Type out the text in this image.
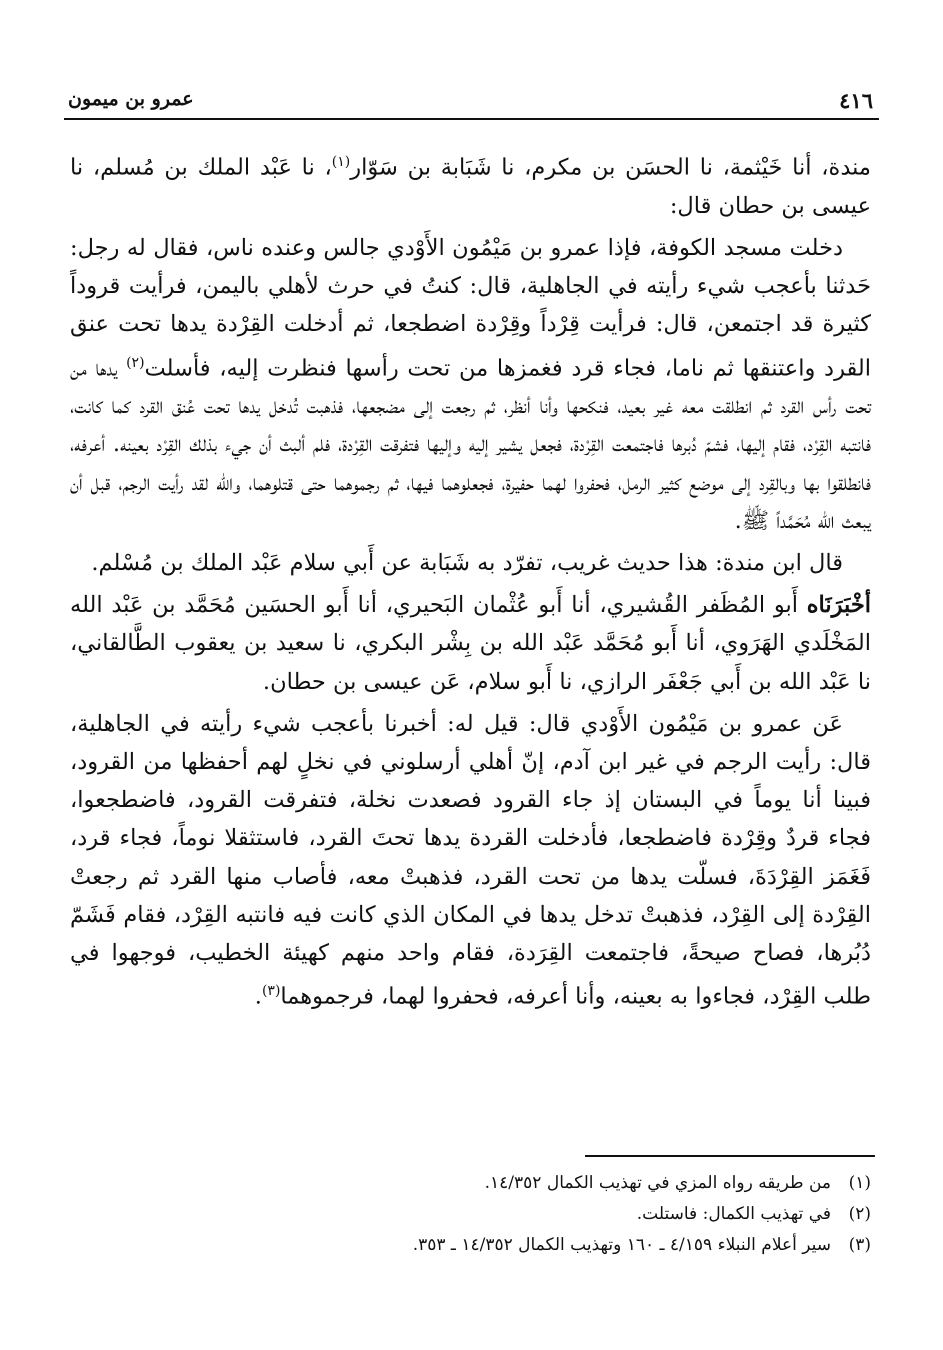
٤١٦
عمرو بن ميمون

مندة، أنا خَيْثمة، نا الحسَن بن مكرم، نا شَبَابة بن سَوّار$^{(١)}$، نا عَبْد الملك بن مُسلم، نا عيسى بن حطان قال:

دخلت مسجد الكوفة، فإذا عمرو بن مَيْمُون الأَوْدي جالس وعنده ناس، فقال له رجل: حَدثنا بأعجب شيء رأيته في الجاهلية، قال: كنتُ في حرث لأهلي باليمن، فرأيت قروداً كثيرة قد اجتمعن، قال: فرأيت قِرْداً وقِرْدة اضطجعا، ثم أدخلت القِرْدة يدها تحت عنق القرد واعتنقها ثم ناما، فجاء قرد فغمزها من تحت رأسها فنظرت إليه، فأسلت$^{(٢)}$ يدها من تحت رأس القرد ثم انطلقت معه غير بعيد، فنكحها وأنا أنظر، ثم رجعت إلى مضجعها، فذهبت تُدخل يدها تحت عُنق القرد كما كانت، فانتبه القِرْد، فقام إليها، فشمّ دُبرها فاجتمعت القِرْدة، فجعل يشير إليه وإليها فتفرقت القِرْدة، فلم ألبث أن جيء بذلك القِرْد بعينه. أعرفه، فانطلقوا بها وبالقِرد إلى موضع كثير الرمل، فحفروا لهما حفيرة، فجعلوهما فيها، ثم رجموهما حتى قتلوهما، والله لقد رأيت الرجم، قبل أن يبعث الله مُحَمَّداً ﷺ.

قال ابن مندة: هذا حديث غريب، تفرّد به شَبَابة عن أَبي سلام عَبْد الملك بن مُسْلم.

أخْبَرَنَاه أَبو المُظَفر القُشيري، أنا أَبو عُثْمان البَحيري، أنا أَبو الحسَين مُحَمَّد بن عَبْد الله المَخْلَدي الهَرَوي، أنا أَبو مُحَمَّد عَبْد الله بن بِشْر البكري، نا سعيد بن يعقوب الطَّالقاني، نا عَبْد الله بن أَبي جَعْفَر الرازي، نا أَبو سلام، عَن عيسى بن حطان.

عَن عمرو بن مَيْمُون الأَوْدي قال: قيل له: أخبرنا بأعجب شيء رأيته في الجاهلية، قال: رأيت الرجم في غير ابن آدم، إنّ أهلي أرسلوني في نخلٍ لهم أحفظها من القرود، فبينا أنا يوماً في البستان إذ جاء القرود فصعدت نخلة، فتفرقت القرود، فاضطجعوا، فجاء قردٌ وقِرْدة فاضطجعا، فأدخلت القردة يدها تحتَ القرد، فاستثقلا نوماً، فجاء قرد، فَغَمَز القِرْدَةَ، فسلّت يدها من تحت القرد، فذهبتْ معه، فأصاب منها القرد ثم رجعتْ القِرْدة إلى القِرْد، فذهبتْ تدخل يدها في المكان الذي كانت فيه فانتبه القِرْد، فقام فَشَمّ دُبُرها، فصاح صيحةً، فاجتمعت القِرَدة، فقام واحد منهم كهيئة الخطيب، فوجهوا في طلب القِرْد، فجاءوا به بعينه، وأنا أعرفه، فحفروا لهما، فرجموهما$^{(٣)}$.

(١)
من طريقه رواه المزي في تهذيب الكمال ١٤/٣٥٢.
(٢)
في تهذيب الكمال: فاستلت.
(٣)
سير أعلام النبلاء ٤/١٥٩ ـ ١٦٠ وتهذيب الكمال ١٤/٣٥٢ ـ ٣٥٣.
